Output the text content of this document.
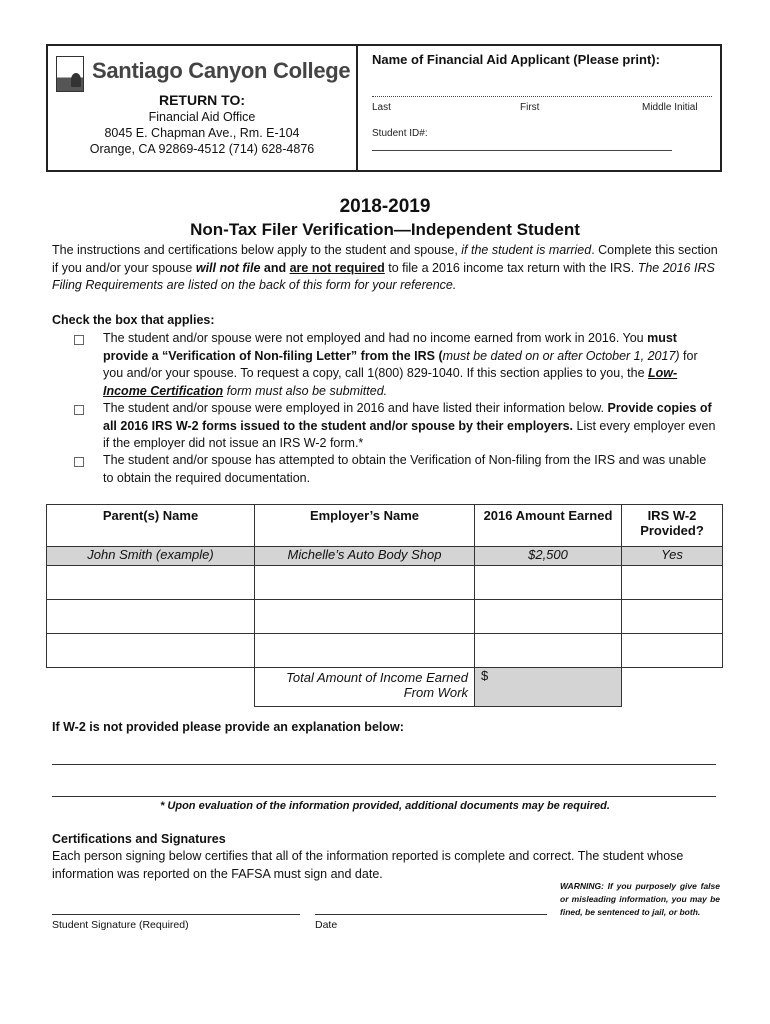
Santiago Canyon College
RETURN TO:
Financial Aid Office
8045 E. Chapman Ave., Rm. E-104
Orange, CA 92869-4512 (714) 628-4876
Name of Financial Aid Applicant (Please print):
Last	First	Middle Initial
Student ID#:
2018-2019
Non-Tax Filer Verification—Independent Student
The instructions and certifications below apply to the student and spouse, if the student is married. Complete this section if you and/or your spouse will not file and are not required to file a 2016 income tax return with the IRS. The 2016 IRS Filing Requirements are listed on the back of this form for your reference.
Check the box that applies:
The student and/or spouse were not employed and had no income earned from work in 2016. You must provide a “Verification of Non-filing Letter” from the IRS (must be dated on or after October 1, 2017) for you and/or your spouse. To request a copy, call 1(800) 829-1040. If this section applies to you, the Low-Income Certification form must also be submitted.
The student and/or spouse were employed in 2016 and have listed their information below. Provide copies of all 2016 IRS W-2 forms issued to the student and/or spouse by their employers. List every employer even if the employer did not issue an IRS W-2 form.*
The student and/or spouse has attempted to obtain the Verification of Non-filing from the IRS and was unable to obtain the required documentation.
Parent(s) Name	Employer’s Name	2016 Amount Earned	IRS W-2 Provided?
John Smith (example)	Michelle’s Auto Body Shop	$2,500	Yes

	Total Amount of Income Earned
From Work	$	
If W-2 is not provided please provide an explanation below:
* Upon evaluation of the information provided, additional documents may be required.
Certifications and Signatures
Each person signing below certifies that all of the information reported is complete and correct. The student whose information was reported on the FAFSA must sign and date.
WARNING: If you purposely give false or misleading information, you may be fined, be sentenced to jail, or both.
Student Signature (Required)	Date
